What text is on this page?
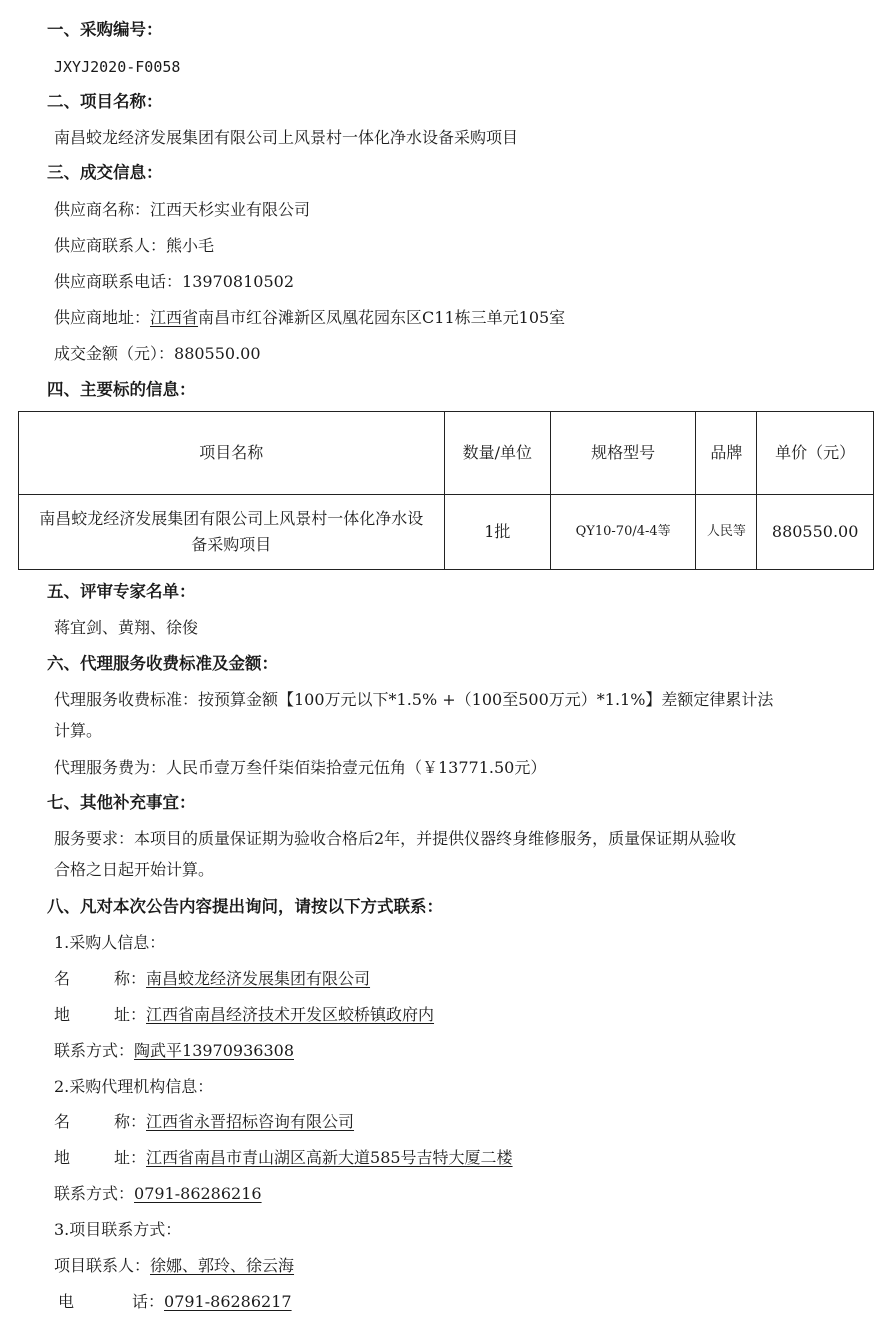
一、采购编号：
JXYJ2020-F0058
二、项目名称：
南昌蛟龙经济发展集团有限公司上风景村一体化净水设备采购项目
三、成交信息：
供应商名称：江西天杉实业有限公司
供应商联系人：熊小毛
供应商联系电话：13970810502
供应商地址：江西省南昌市红谷滩新区凤凰花园东区C11栋三单元105室
成交金额（元）：880550.00
四、主要标的信息：
项目名称	数量/单位	规格型号	品牌	单价（元）
南昌蛟龙经济发展集团有限公司上风景村一体化净水设备采购项目	1批	QY10-70/4-4等	人民等	880550.00
五、评审专家名单：
蒋宜剑、黄翔、徐俊
六、代理服务收费标准及金额：
代理服务收费标准：按预算金额【100万元以下*1.5% +（100至500万元）*1.1%】差额定律累计法
计算。
代理服务费为：人民币壹万叁仟柒佰柒拾壹元伍角（￥13771.50元）
七、其他补充事宜：
服务要求：本项目的质量保证期为验收合格后2年，并提供仪器终身维修服务，质量保证期从验收
合格之日起开始计算。
八、凡对本次公告内容提出询问，请按以下方式联系：
1.采购人信息：
名	称：南昌蛟龙经济发展集团有限公司
地	址：江西省南昌经济技术开发区蛟桥镇政府内
联系方式：陶武平13970936308
2.采购代理机构信息：
名	称：江西省永晋招标咨询有限公司
地	址：江西省南昌市青山湖区高新大道585号吉特大厦二楼
联系方式：0791-86286216
3.项目联系方式：
项目联系人：徐娜、郭玲、徐云海
电	话：0791-86286217
